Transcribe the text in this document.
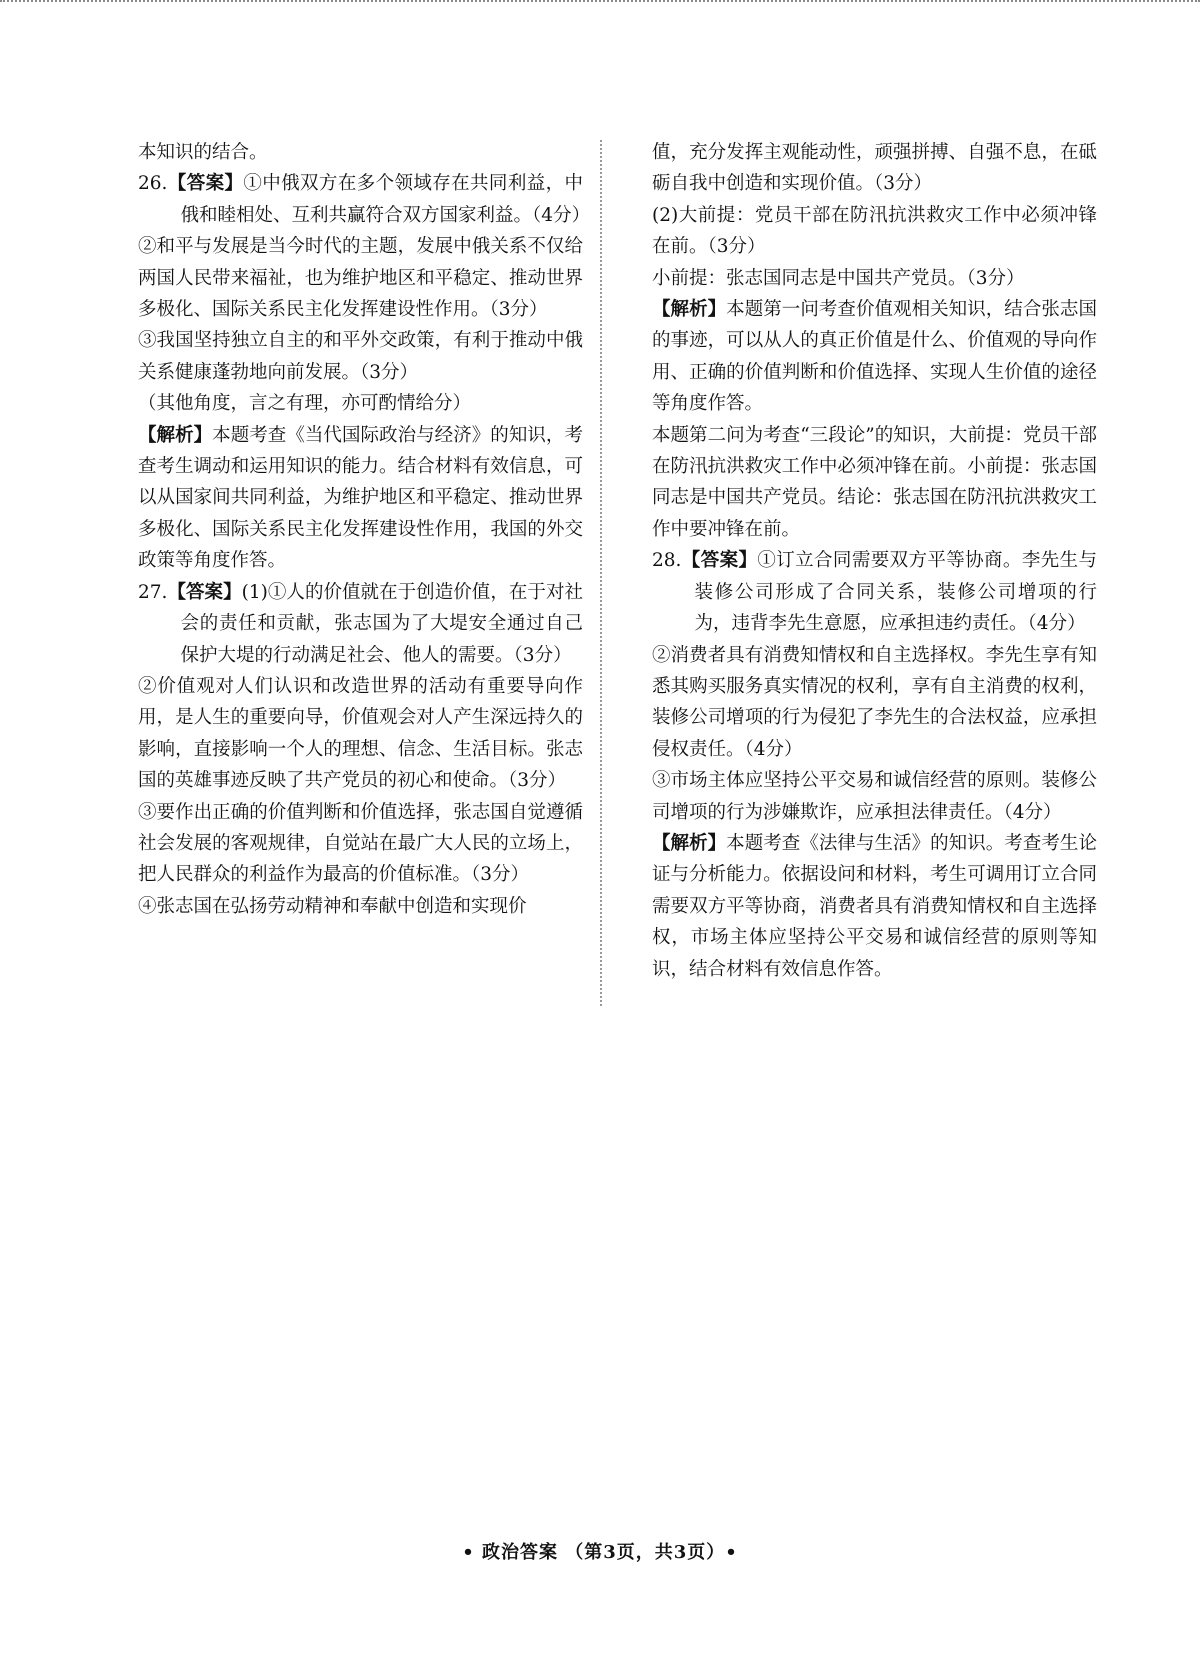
本知识的结合。

26.【答案】①中俄双方在多个领域存在共同利益，中俄和睦相处、互利共赢符合双方国家利益。（4分）

②和平与发展是当今时代的主题，发展中俄关系不仅给两国人民带来福祉，也为维护地区和平稳定、推动世界多极化、国际关系民主化发挥建设性作用。（3分）

③我国坚持独立自主的和平外交政策，有利于推动中俄关系健康蓬勃地向前发展。（3分）

（其他角度，言之有理，亦可酌情给分）

【解析】本题考查《当代国际政治与经济》的知识，考查考生调动和运用知识的能力。结合材料有效信息，可以从国家间共同利益，为维护地区和平稳定、推动世界多极化、国际关系民主化发挥建设性作用，我国的外交政策等角度作答。

27.【答案】(1)①人的价值就在于创造价值，在于对社会的责任和贡献，张志国为了大堤安全通过自己保护大堤的行动满足社会、他人的需要。（3分）

②价值观对人们认识和改造世界的活动有重要导向作用，是人生的重要向导，价值观会对人产生深远持久的影响，直接影响一个人的理想、信念、生活目标。张志国的英雄事迹反映了共产党员的初心和使命。（3分）

③要作出正确的价值判断和价值选择，张志国自觉遵循社会发展的客观规律，自觉站在最广大人民的立场上，把人民群众的利益作为最高的价值标准。（3分）

④张志国在弘扬劳动精神和奉献中创造和实现价

值，充分发挥主观能动性，顽强拼搏、自强不息，在砥砺自我中创造和实现价值。（3分）

(2)大前提：党员干部在防汛抗洪救灾工作中必须冲锋在前。（3分）

小前提：张志国同志是中国共产党员。（3分）

【解析】本题第一问考查价值观相关知识，结合张志国的事迹，可以从人的真正价值是什么、价值观的导向作用、正确的价值判断和价值选择、实现人生价值的途径等角度作答。

本题第二问为考查“三段论”的知识，大前提：党员干部在防汛抗洪救灾工作中必须冲锋在前。小前提：张志国同志是中国共产党员。结论：张志国在防汛抗洪救灾工作中要冲锋在前。

28.【答案】①订立合同需要双方平等协商。李先生与装修公司形成了合同关系，装修公司增项的行为，违背李先生意愿，应承担违约责任。（4分）

②消费者具有消费知情权和自主选择权。李先生享有知悉其购买服务真实情况的权利，享有自主消费的权利，装修公司增项的行为侵犯了李先生的合法权益，应承担侵权责任。（4分）

③市场主体应坚持公平交易和诚信经营的原则。装修公司增项的行为涉嫌欺诈，应承担法律责任。（4分）

【解析】本题考查《法律与生活》的知识。考查考生论证与分析能力。依据设问和材料，考生可调用订立合同需要双方平等协商，消费者具有消费知情权和自主选择权，市场主体应坚持公平交易和诚信经营的原则等知识，结合材料有效信息作答。

• 政治答案 （第3页，共3页）•
